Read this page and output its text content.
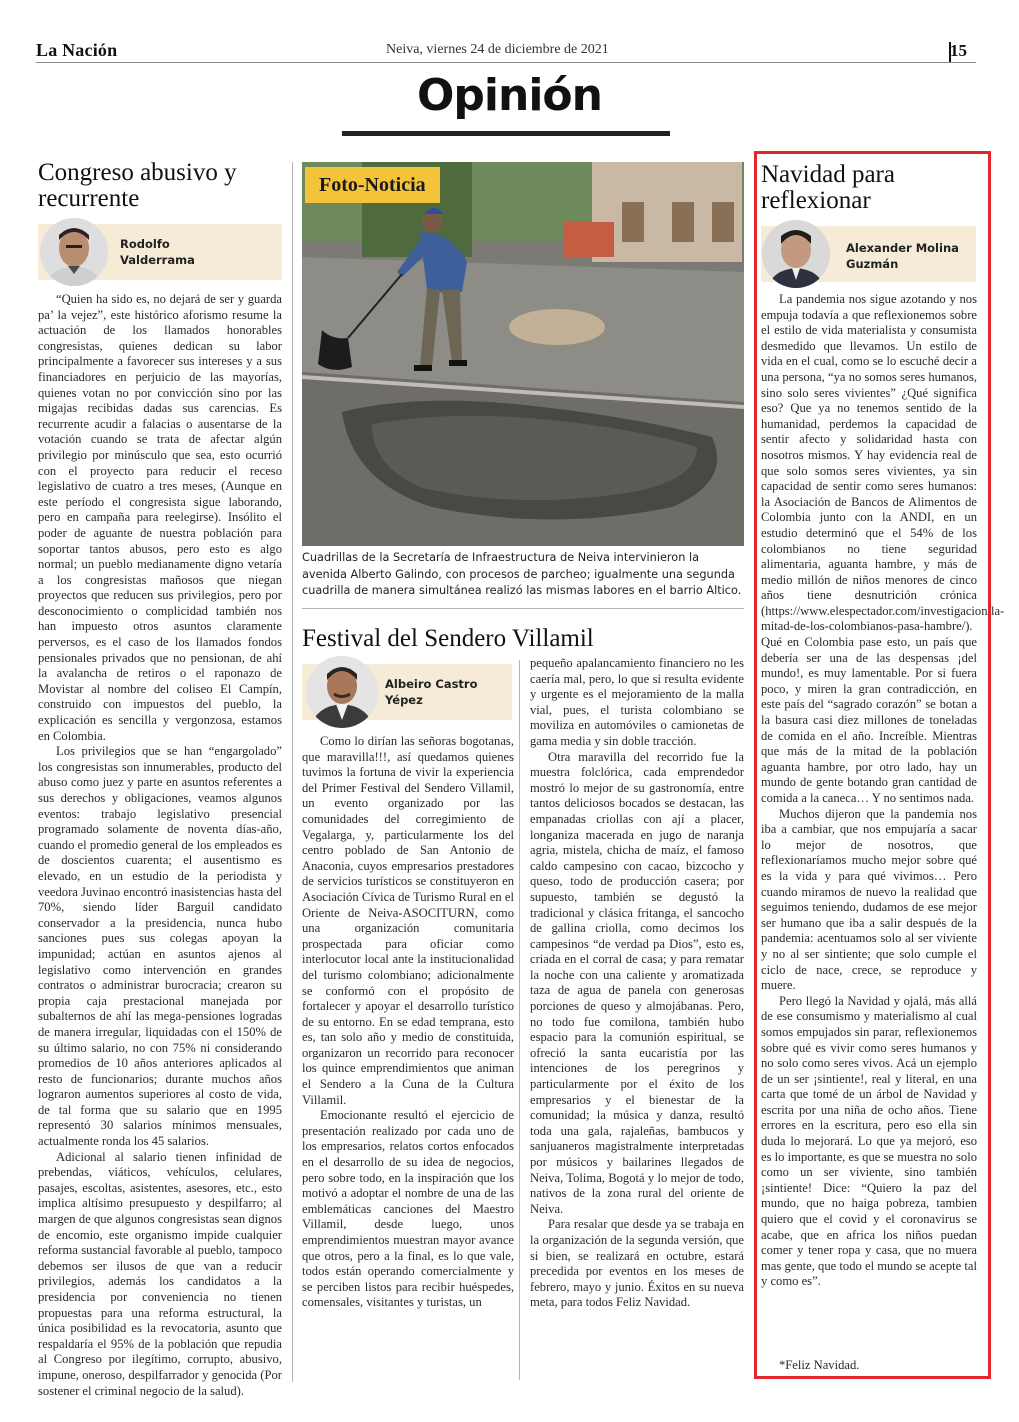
La Nación	Neiva, viernes 24 de diciembre de 2021	15
Opinión
Congreso abusivo y recurrente
Rodolfo Valderrama

“Quien ha sido es, no dejará de ser y guarda pa’ la vejez”, este histórico aforismo resume la actuación de los llamados honorables congresistas, quienes dedican su labor principalmente a favorecer sus intereses y a sus financiadores en perjuicio de las mayorías, quienes votan no por convicción sino por las migajas recibidas dadas sus carencias. Es recurrente acudir a falacias o ausentarse de la votación cuando se trata de afectar algún privilegio por minúsculo que sea, esto ocurrió con el proyecto para reducir el receso legislativo de cuatro a tres meses, (Aunque en este período el congresista sigue laborando, pero en campaña para reelegirse). Insólito el poder de aguante de nuestra población para soportar tantos abusos, pero esto es algo normal; un pueblo medianamente digno vetaría a los congresistas mañosos que niegan proyectos que reducen sus privilegios, pero por desconocimiento o complicidad también nos han impuesto otros asuntos claramente perversos, es el caso de los llamados fondos pensionales privados que no pensionan, de ahí la avalancha de retiros o el raponazo de Movistar al nombre del coliseo El Campín, construido con impuestos del pueblo, la explicación es sencilla y vergonzosa, estamos en Colombia.

Los privilegios que se han “engargolado” los congresistas son innumerables, producto del abuso como juez y parte en asuntos referentes a sus derechos y obligaciones, veamos algunos eventos: trabajo legislativo presencial programado solamente de noventa días-año, cuando el promedio general de los empleados es de doscientos cuarenta; el ausentismo es elevado, en un estudio de la periodista y veedora Juvinao encontró inasistencias hasta del 70%, siendo líder Barguil candidato conservador a la presidencia, nunca hubo sanciones pues sus colegas apoyan la impunidad; actúan en asuntos ajenos al legislativo como intervención en grandes contratos o administrar burocracia; crearon su propia caja prestacional manejada por subalternos de ahí las mega-pensiones logradas de manera irregular, liquidadas con el 150% de su último salario, no con 75% ni considerando promedios de 10 años anteriores aplicados al resto de funcionarios; durante muchos años lograron aumentos superiores al costo de vida, de tal forma que su salario que en 1995 representó 30 salarios mínimos mensuales, actualmente ronda los 45 salarios.

Adicional al salario tienen infinidad de prebendas, viáticos, vehículos, celulares, pasajes, escoltas, asistentes, asesores, etc., esto implica altísimo presupuesto y despilfarro; al margen de que algunos congresistas sean dignos de encomio, este organismo impide cualquier reforma sustancial favorable al pueblo, tampoco debemos ser ilusos de que van a reducir privilegios, además los candidatos a la presidencia por conveniencia no tienen propuestas para una reforma estructural, la única posibilidad es la revocatoria, asunto que respaldaría el 95% de la población que repudia al Congreso por ilegítimo, corrupto, abusivo, impune, oneroso, despilfarrador y genocida (Por sostener el criminal negocio de la salud).

Foto-Noticia
Cuadrillas de la Secretaría de Infraestructura de Neiva intervinieron la avenida Alberto Galindo, con procesos de parcheo; igualmente una segunda cuadrilla de manera simultánea realizó las mismas labores en el barrio Altico.
Festival del Sendero Villamil
Albeiro Castro Yépez

Como lo dirían las señoras bogotanas, que maravilla!!!, así quedamos quienes tuvimos la fortuna de vivir la experiencia del Primer Festival del Sendero Villamil, un evento organizado por las comunidades del corregimiento de Vegalarga, y, particularmente los del centro poblado de San Antonio de Anaconia, cuyos empresarios prestadores de servicios turísticos se constituyeron en Asociación Cívica de Turismo Rural en el Oriente de Neiva-ASOCITURN, como una organización comunitaria prospectada para oficiar como interlocutor local ante la institucionalidad del turismo colombiano; adicionalmente se conformó con el propósito de fortalecer y apoyar el desarrollo turístico de su entorno. En se edad temprana, esto es, tan solo año y medio de constituida, organizaron un recorrido para reconocer los quince emprendimientos que animan el Sendero a la Cuna de la Cultura Villamil.

Emocionante resultó el ejercicio de presentación realizado por cada uno de los empresarios, relatos cortos enfocados en el desarrollo de su idea de negocios, pero sobre todo, en la inspiración que los motivó a adoptar el nombre de una de las emblemáticas canciones del Maestro Villamil, desde luego, unos emprendimientos muestran mayor avance que otros, pero a la final, es lo que vale, todos están operando comercialmente y se perciben listos para recibir huéspedes, comensales, visitantes y turistas, un

pequeño apalancamiento financiero no les caería mal, pero, lo que si resulta evidente y urgente es el mejoramiento de la malla vial, pues, el turista colombiano se moviliza en automóviles o camionetas de gama media y sin doble tracción.

Otra maravilla del recorrido fue la muestra folclórica, cada emprendedor mostró lo mejor de su gastronomía, entre tantos deliciosos bocados se destacan, las empanadas criollas con ají a placer, longaniza macerada en jugo de naranja agria, mistela, chicha de maíz, el famoso caldo campesino con cacao, bizcocho y queso, todo de producción casera; por supuesto, también se degustó la tradicional y clásica fritanga, el sancocho de gallina criolla, como decimos los campesinos “de verdad pa Dios”, esto es, criada en el corral de casa; y para rematar la noche con una caliente y aromatizada taza de agua de panela con generosas porciones de queso y almojábanas. Pero, no todo fue comilona, también hubo espacio para la comunión espiritual, se ofreció la santa eucaristía por las intenciones de los peregrinos y particularmente por el éxito de los empresarios y el bienestar de la comunidad; la música y danza, resultó toda una gala, rajaleñas, bambucos y sanjuaneros magistralmente interpretadas por músicos y bailarines llegados de Neiva, Tolima, Bogotá y lo mejor de todo, nativos de la zona rural del oriente de Neiva.

Para resalar que desde ya se trabaja en la organización de la segunda versión, que si bien, se realizará en octubre, estará precedida por eventos en los meses de febrero, mayo y junio. Éxitos en su nueva meta, para todos Feliz Navidad.

Navidad para reflexionar
Alexander Molina Guzmán

La pandemia nos sigue azotando y nos empuja todavía a que reflexionemos sobre el estilo de vida materialista y consumista desmedido que llevamos. Un estilo de vida en el cual, como se lo escuché decir a una persona, “ya no somos seres humanos, sino solo seres vivientes” ¿Qué significa eso? Que ya no tenemos sentido de la humanidad, perdemos la capacidad de sentir afecto y solidaridad hasta con nosotros mismos. Y hay evidencia real de que solo somos seres vivientes, ya sin capacidad de sentir como seres humanos: la Asociación de Bancos de Alimentos de Colombia junto con la ANDI, en un estudio determinó que el 54% de los colombianos no tiene seguridad alimentaria, aguanta hambre, y más de medio millón de niños menores de cinco años tiene desnutrición crónica (https://www.elespectador.com/investigacion/la-mitad-de-los-colombianos-pasa-hambre/). Qué en Colombia pase esto, un país que debería ser una de las despensas ¡del mundo!, es muy lamentable. Por si fuera poco, y miren la gran contradicción, en este país del “sagrado corazón” se botan a la basura casi diez millones de toneladas de comida en el año. Increíble. Mientras que más de la mitad de la población aguanta hambre, por otro lado, hay un mundo de gente botando gran cantidad de comida a la caneca… Y no sentimos nada.

Muchos dijeron que la pandemia nos iba a cambiar, que nos empujaría a sacar lo mejor de nosotros, que reflexionaríamos mucho mejor sobre qué es la vida y para qué vivimos… Pero cuando miramos de nuevo la realidad que seguimos teniendo, dudamos de ese mejor ser humano que iba a salir después de la pandemia: acentuamos solo al ser viviente y no al ser sintiente; que solo cumple el ciclo de nace, crece, se reproduce y muere.

Pero llegó la Navidad y ojalá, más allá de ese consumismo y materialismo al cual somos empujados sin parar, reflexionemos sobre qué es vivir como seres humanos y no solo como seres vivos. Acá un ejemplo de un ser ¡sintiente!, real y literal, en una carta que tomé de un árbol de Navidad y escrita por una niña de ocho años. Tiene errores en la escritura, pero eso ella sin duda lo mejorará. Lo que ya mejoró, eso es lo importante, es que se muestra no solo como un ser viviente, sino también ¡sintiente! Dice: “Quiero la paz del mundo, que no haiga pobreza, tambien quiero que el covid y el coronavirus se acabe, que en africa los niños puedan comer y tener ropa y casa, que no muera mas gente, que todo el mundo se acepte tal y como es”.

*Feliz Navidad.
